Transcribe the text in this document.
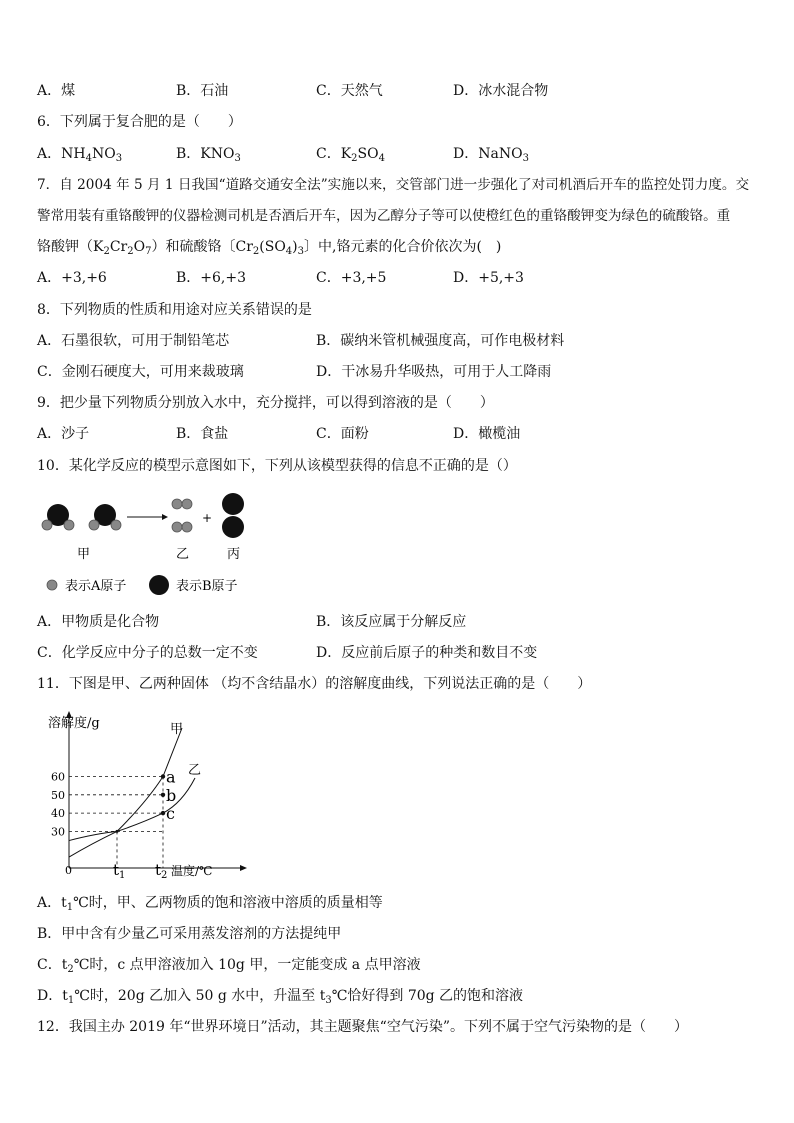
A．煤	B．石油	C．天然气	D．冰水混合物
6．下列属于复合肥的是（　　）
A．$NH_4NO_3$	B．$KNO_3$	C．$K_2SO_4$	D．NaNO$_3$
7．自 2004 年 5 月 1 日我国“道路交通安全法”实施以来，交管部门进一步强化了对司机酒后开车的监控处罚力度。交
警常用装有重铬酸钾的仪器检测司机是否酒后开车，因为乙醇分子等可以使橙红色的重铬酸钾变为绿色的硫酸铬。重
铬酸钾$(K_2Cr_2O_7)$和硫酸铬〔$Cr_2(SO_4)_3$〕中,铬元素的化合价依次为(　)
A．+3,+6	B．+6,+3	C．+3,+5	D．+5,+3
8．下列物质的性质和用途对应关系错误的是
A．石墨很软，可用于制铅笔芯	B．碳纳米管机械强度高，可作电极材料
C．金刚石硬度大，可用来裁玻璃	D．干冰易升华吸热，可用于人工降雨
9．把少量下列物质分别放入水中，充分搅拌，可以得到溶液的是（　　）
A．沙子	B．食盐	C．面粉	D．橄榄油
10．某化学反应的模型示意图如下，下列从该模型获得的信息不正确的是（）
+
甲	乙	丙
表示A原子	表示B原子
A．甲物质是化合物	B．该反应属于分解反应
C．化学反应中分子的总数一定不变	D．反应前后原子的种类和数目不变
11．下图是甲、乙两种固体 （均不含结晶水）的溶解度曲线，下列说法正确的是（　　）
溶解度/g
温度/℃
0
30
40
50
60	a
b
c
甲
乙
$t_1$ $t_2$
A．$t_1℃$时，甲、乙两物质的饱和溶液中溶质的质量相等
B．甲中含有少量乙可采用蒸发溶剂的方法提纯甲
C．$t_2℃$时，c 点甲溶液加入 10g 甲，一定能变成 a 点甲溶液
D．$t_1℃$时，20g 乙加入 50 g 水中，升温至 $t_3℃$恰好得到 70g 乙的饱和溶液
12．我国主办 2019 年“世界环境日”活动，其主题聚焦“空气污染”。下列不属于空气污染物的是（　　）
